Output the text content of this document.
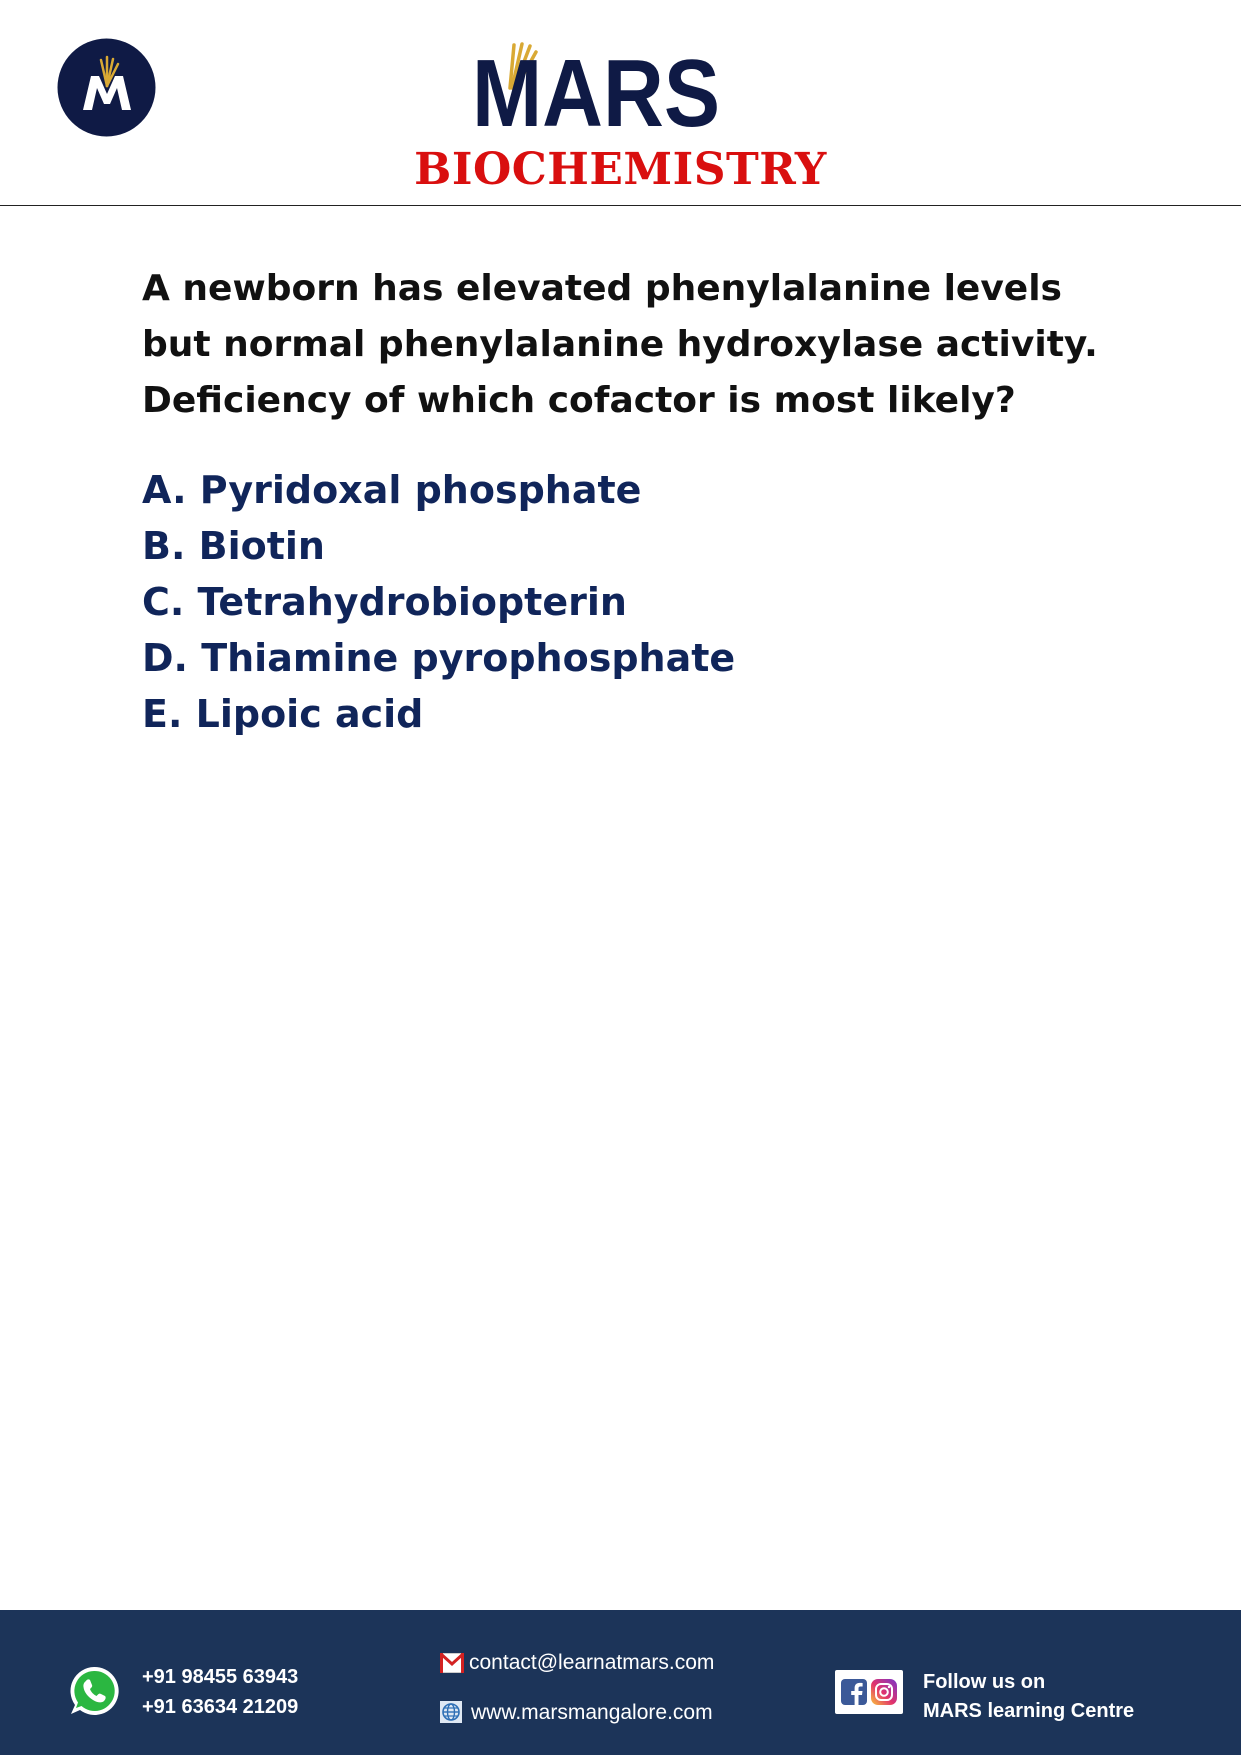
MARS
BIOCHEMISTRY
A newborn has elevated phenylalanine levels
but normal phenylalanine hydroxylase activity.
Deficiency of which cofactor is most likely?
A. Pyridoxal phosphate
B. Biotin
C. Tetrahydrobiopterin
D. Thiamine pyrophosphate
E. Lipoic acid
+91 98455 63943
+91 63634 21209
contact@learnatmars.com
www.marsmangalore.com
Follow us on
MARS learning Centre
